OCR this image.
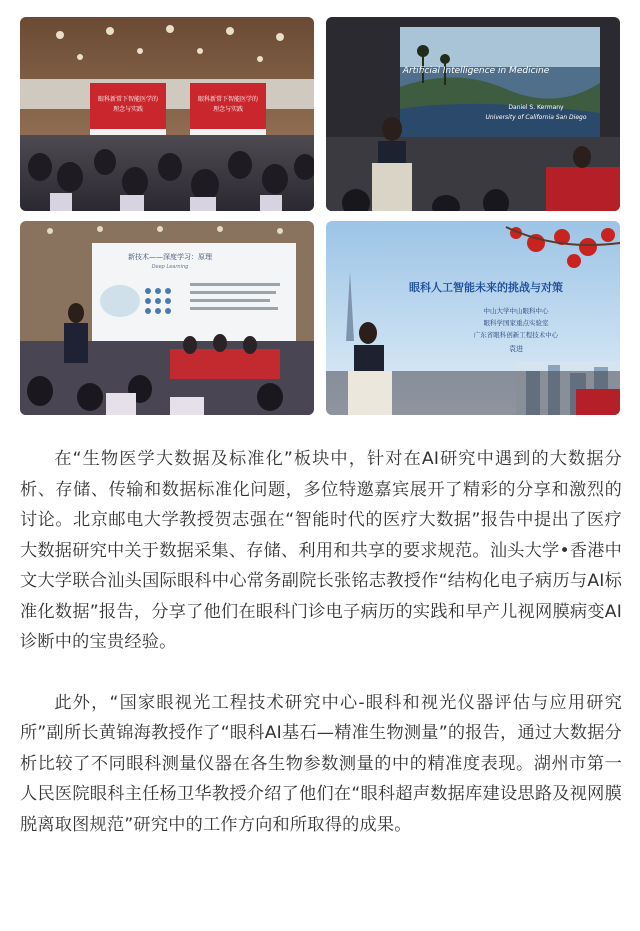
眼科新常下智能医学的
理念与实践
眼科新常下智能医学的
理念与实践
Artificial Intelligence in Medicine
Daniel S. Kermany
University of California San Diego
新技术——深度学习：原理
Deep Learning
眼科人工智能未来的挑战与对策
中山大学中山眼科中心
眼科学国家重点实验室
广东省眼科创新工程技术中心
袁进

在“生物医学大数据及标准化”板块中，针对在AI研究中遇到的大数据分析、存储、传输和数据标准化问题，多位特邀嘉宾展开了精彩的分享和激烈的讨论。北京邮电大学教授贺志强在“智能时代的医疗大数据”报告中提出了医疗大数据研究中关于数据采集、存储、利用和共享的要求规范。汕头大学•香港中文大学联合汕头国际眼科中心常务副院长张铭志教授作“结构化电子病历与AI标准化数据”报告，分享了他们在眼科门诊电子病历的实践和早产儿视网膜病变AI诊断中的宝贵经验。

此外，“国家眼视光工程技术研究中心-眼科和视光仪器评估与应用研究所”副所长黄锦海教授作了“眼科AI基石—精准生物测量”的报告，通过大数据分析比较了不同眼科测量仪器在各生物参数测量的中的精准度表现。湖州市第一人民医院眼科主任杨卫华教授介绍了他们在“眼科超声数据库建设思路及视网膜脱离取图规范”研究中的工作方向和所取得的成果。
